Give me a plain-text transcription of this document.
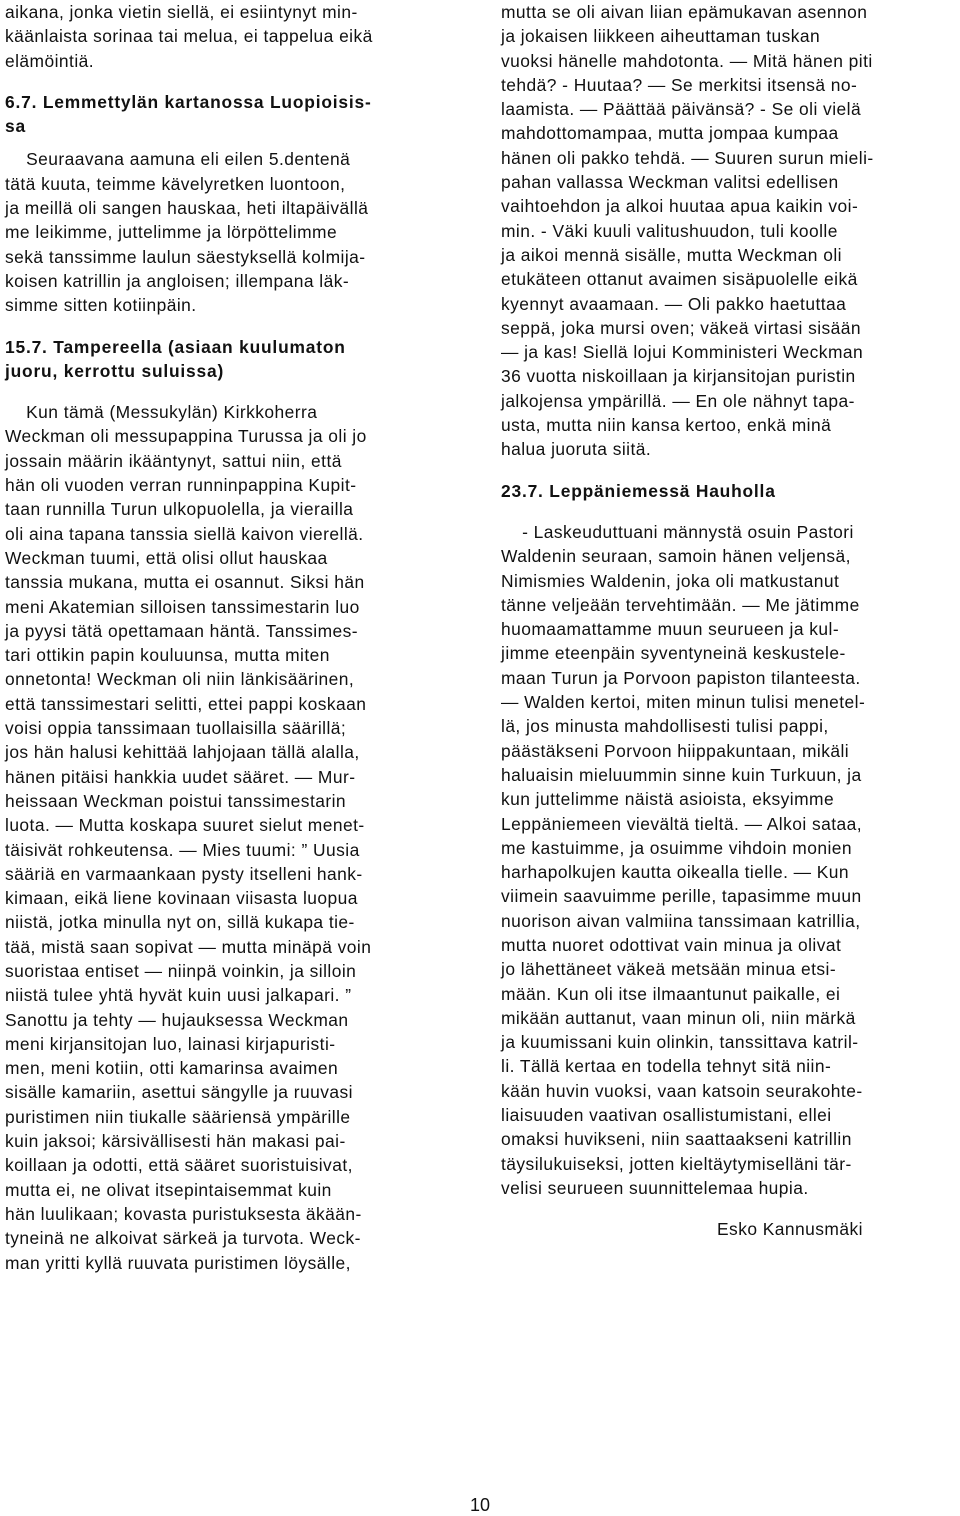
aikana, jonka vietin siellä, ei esiintynyt min-
käänlaista sorinaa tai melua, ei tappelua eikä
elämöintiä.
6.7. Lemmettylän kartanossa Luopioisis-
sa
Seuraavana aamuna eli eilen 5.dentenä
tätä kuuta, teimme kävelyretken luontoon,
ja meillä oli sangen hauskaa, heti iltapäivällä
me leikimme, juttelimme ja lörpöttelimme
sekä tanssimme laulun säestyksellä kolmija-
koisen katrillin ja angloisen; illempana läk-
simme sitten kotiinpäin.
15.7. Tampereella (asiaan kuulumaton
juoru, kerrottu suluissa)
Kun tämä (Messukylän) Kirkkoherra
Weckman oli messupappina Turussa ja oli jo
jossain määrin ikääntynyt, sattui niin, että
hän oli vuoden verran runninpappina Kupit-
taan runnilla Turun ulkopuolella, ja vierailla
oli aina tapana tanssia siellä kaivon vierellä.
Weckman tuumi, että olisi ollut hauskaa
tanssia mukana, mutta ei osannut. Siksi hän
meni Akatemian silloisen tanssimestarin luo
ja pyysi tätä opettamaan häntä. Tanssimes-
tari ottikin papin kouluunsa, mutta miten
onnetonta! Weckman oli niin länkisäärinen,
että tanssimestari selitti, ettei pappi koskaan
voisi oppia tanssimaan tuollaisilla säärillä;
jos hän halusi kehittää lahjojaan tällä alalla,
hänen pitäisi hankkia uudet sääret. — Mur-
heissaan Weckman poistui tanssimestarin
luota. — Mutta koskapa suuret sielut menet-
täisivät rohkeutensa. — Mies tuumi: ” Uusia
sääriä en varmaankaan pysty itselleni hank-
kimaan, eikä liene kovinaan viisasta luopua
niistä, jotka minulla nyt on, sillä kukapa tie-
tää, mistä saan sopivat — mutta minäpä voin
suoristaa entiset — niinpä voinkin, ja silloin
niistä tulee yhtä hyvät kuin uusi jalkapari. ”
Sanottu ja tehty — hujauksessa Weckman
meni kirjansitojan luo, lainasi kirjapuristi-
men, meni kotiin, otti kamarinsa avaimen
sisälle kamariin, asettui sängylle ja ruuvasi
puristimen niin tiukalle sääriensä ympärille
kuin jaksoi; kärsivällisesti hän makasi pai-
koillaan ja odotti, että sääret suoristuisivat,
mutta ei, ne olivat itsepintaisemmat kuin
hän luulikaan; kovasta puristuksesta äkään-
tyneinä ne alkoivat särkeä ja turvota. Weck-
man yritti kyllä ruuvata puristimen löysälle,
mutta se oli aivan liian epämukavan asennon
ja jokaisen liikkeen aiheuttaman tuskan
vuoksi hänelle mahdotonta. — Mitä hänen piti
tehdä? - Huutaa? — Se merkitsi itsensä no-
laamista. — Päättää päivänsä? - Se oli vielä
mahdottomampaa, mutta jompaa kumpaa
hänen oli pakko tehdä. — Suuren surun mieli-
pahan vallassa Weckman valitsi edellisen
vaihtoehdon ja alkoi huutaa apua kaikin voi-
min. - Väki kuuli valitushuudon, tuli koolle
ja aikoi mennä sisälle, mutta Weckman oli
etukäteen ottanut avaimen sisäpuolelle eikä
kyennyt avaamaan. — Oli pakko haetuttaa
seppä, joka mursi oven; väkeä virtasi sisään
— ja kas! Siellä lojui Komministeri Weckman
36 vuotta niskoillaan ja kirjansitojan puristin
jalkojensa ympärillä. — En ole nähnyt tapa-
usta, mutta niin kansa kertoo, enkä minä
halua juoruta siitä.
23.7. Leppäniemessä Hauholla
- Laskeuduttuani männystä osuin Pastori
Waldenin seuraan, samoin hänen veljensä,
Nimismies Waldenin, joka oli matkustanut
tänne veljeään tervehtimään. — Me jätimme
huomaamattamme muun seurueen ja kul-
jimme eteenpäin syventyneinä keskustele-
maan Turun ja Porvoon papiston tilanteesta.
— Walden kertoi, miten minun tulisi menetel-
lä, jos minusta mahdollisesti tulisi pappi,
päästäkseni Porvoon hiippakuntaan, mikäli
haluaisin mieluummin sinne kuin Turkuun, ja
kun juttelimme näistä asioista, eksyimme
Leppäniemeen vievältä tieltä. — Alkoi sataa,
me kastuimme, ja osuimme vihdoin monien
harhapolkujen kautta oikealla tielle. — Kun
viimein saavuimme perille, tapasimme muun
nuorison aivan valmiina tanssimaan katrillia,
mutta nuoret odottivat vain minua ja olivat
jo lähettäneet väkeä metsään minua etsi-
mään. Kun oli itse ilmaantunut paikalle, ei
mikään auttanut, vaan minun oli, niin märkä
ja kuumissani kuin olinkin, tanssittava katril-
li. Tällä kertaa en todella tehnyt sitä niin-
kään huvin vuoksi, vaan katsoin seurakohte-
liaisuuden vaativan osallistumistani, ellei
omaksi huvikseni, niin saattaakseni katrillin
täysilukuiseksi, jotten kieltäytymiselläni tär-
velisi seurueen suunnittelemaa hupia.
Esko Kannusmäki
10
